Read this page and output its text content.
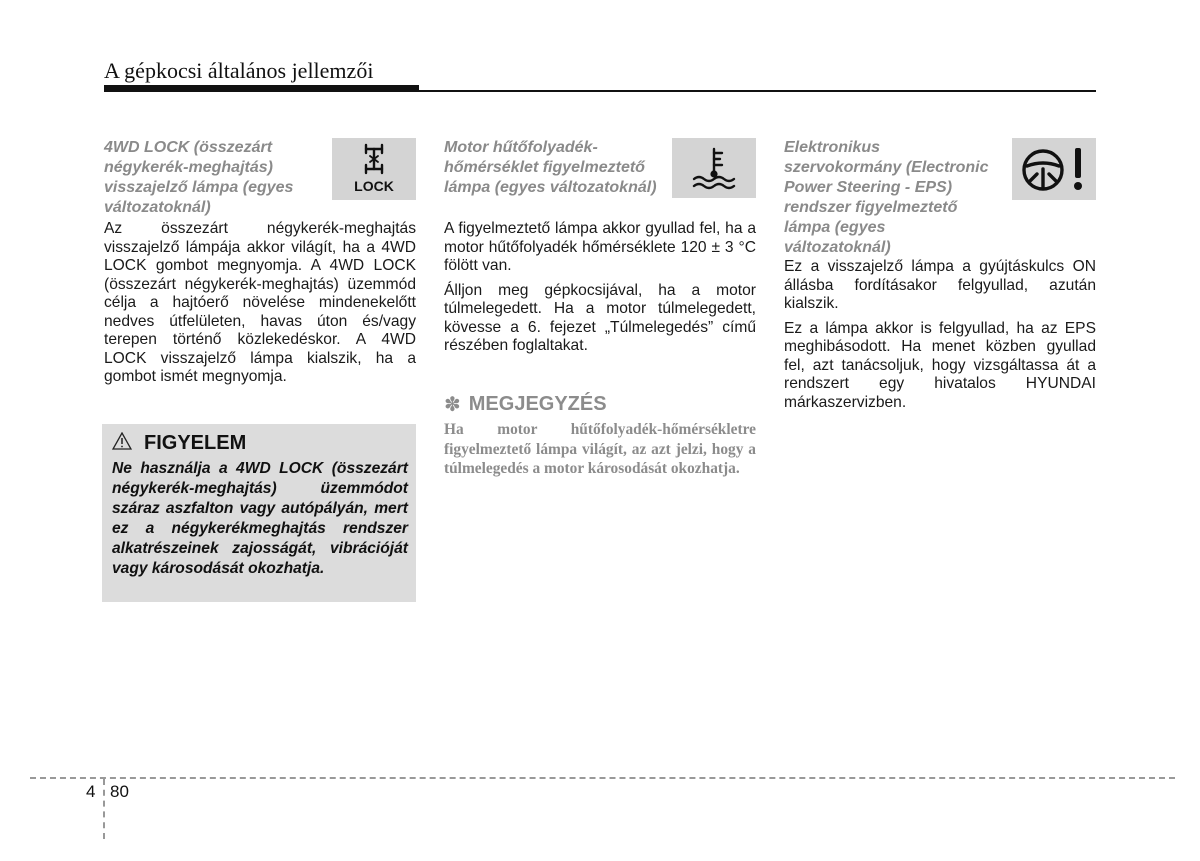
A gépkocsi általános jellemzői

4WD LOCK (összezárt négykerék-meghajtás) visszajelző lámpa (egyes változatoknál)

LOCK

Az összezárt négykerék-meghajtás visszajelző lámpája akkor világít, ha a 4WD LOCK gombot megnyomja. A 4WD LOCK (összezárt négykerék-meghajtás) üzemmód célja a hajtóerő növelése mindenekelőtt nedves útfelületen, havas úton és/vagy terepen történő közlekedéskor. A 4WD LOCK visszajelző lámpa kialszik, ha a gombot ismét megnyomja.

FIGYELEM

Ne használja a 4WD LOCK (összezárt négykerék-meghajtás) üzemmódot száraz aszfalton vagy autópályán, mert ez a négykerékmeghajtás rendszer alkatrészeinek zajosságát, vibrációját vagy károsodását okozhatja.

Motor hűtőfolyadék-hőmérséklet figyelmeztető lámpa (egyes változatoknál)

A figyelmeztető lámpa akkor gyullad fel, ha a motor hűtőfolyadék hőmérséklete 120 ± 3 °C fölött van.

Álljon meg gépkocsijával, ha a motor túlmelegedett. Ha a motor túlmelegedett, kövesse a 6. fejezet „Túlmelegedés” című részében foglaltakat.

✽ MEGJEGYZÉS

Ha motor hűtőfolyadék-hőmérsékletre figyelmeztető lámpa világít, az azt jelzi, hogy a túlmelegedés a motor károsodását okozhatja.

Elektronikus szervokormány (Electronic Power Steering - EPS) rendszer figyelmeztető lámpa (egyes változatoknál)

Ez a visszajelző lámpa a gyújtáskulcs ON állásba fordításakor felgyullad, azután kialszik.

Ez a lámpa akkor is felgyullad, ha az EPS meghibásodott. Ha menet közben gyullad fel, azt tanácsoljuk, hogy vizsgáltassa át a rendszert egy hivatalos HYUNDAI márkaszervizben.

4 80
